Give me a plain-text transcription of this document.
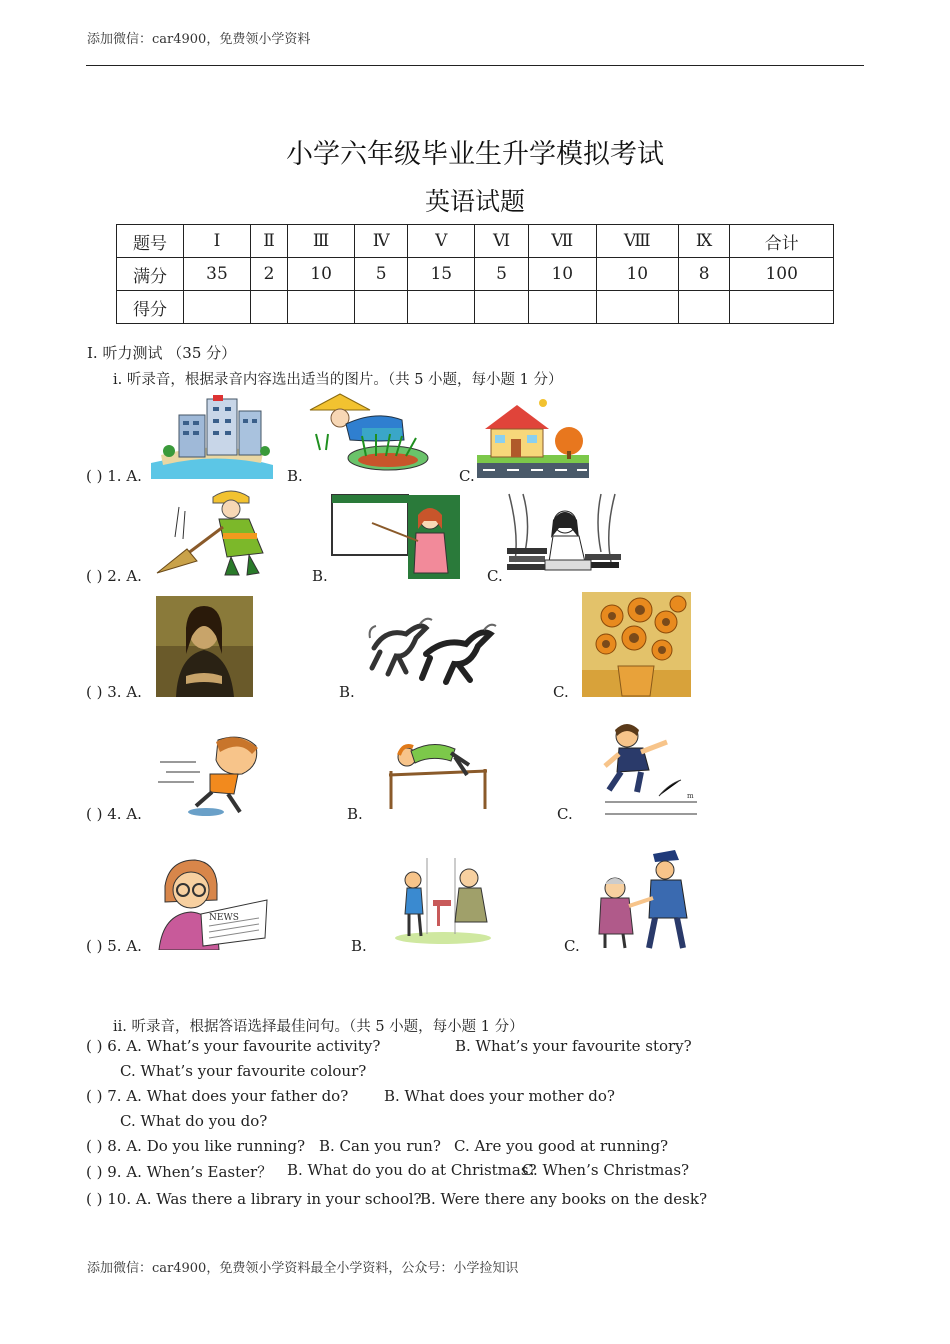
添加微信：car4900，免费领小学资料
小学六年级毕业生升学模拟考试
英语试题
题号	Ⅰ	Ⅱ	Ⅲ	Ⅳ	Ⅴ	Ⅵ	Ⅶ	Ⅷ	Ⅸ	合计
满分	35	2	10	5	15	5	10	10	8	100
得分										
I. 听力测试 （35 分）
i. 听录音，根据录音内容选出适当的图片。（共 5 小题，每小题 1 分）
( ) 1. A.	B.	C.
( ) 2. A.	B.	C.
( ) 3. A.	B.	C.
( ) 4. A.	B.	C.
m
( ) 5. A.	B.	C.
NEWS
ii. 听录音，根据答语选择最佳问句。（共 5 小题，每小题 1 分）
( ) 6. A. What’s your favourite activity?	B. What’s your favourite story?
C. What’s your favourite colour?
( ) 7. A. What does your father do? B. What does your mother do?
C. What do you do?
( ) 8. A. Do you like running? B. Can you run? C. Are you good at running?
( ) 9. A. When’s Easter？ B. What do you do at Christmas?
C. When’s Christmas?
( ) 10. A. Was there a library in your school?
B. Were there any books on the desk?
添加微信：car4900，免费领小学资料最全小学资料，公众号：小学捡知识
